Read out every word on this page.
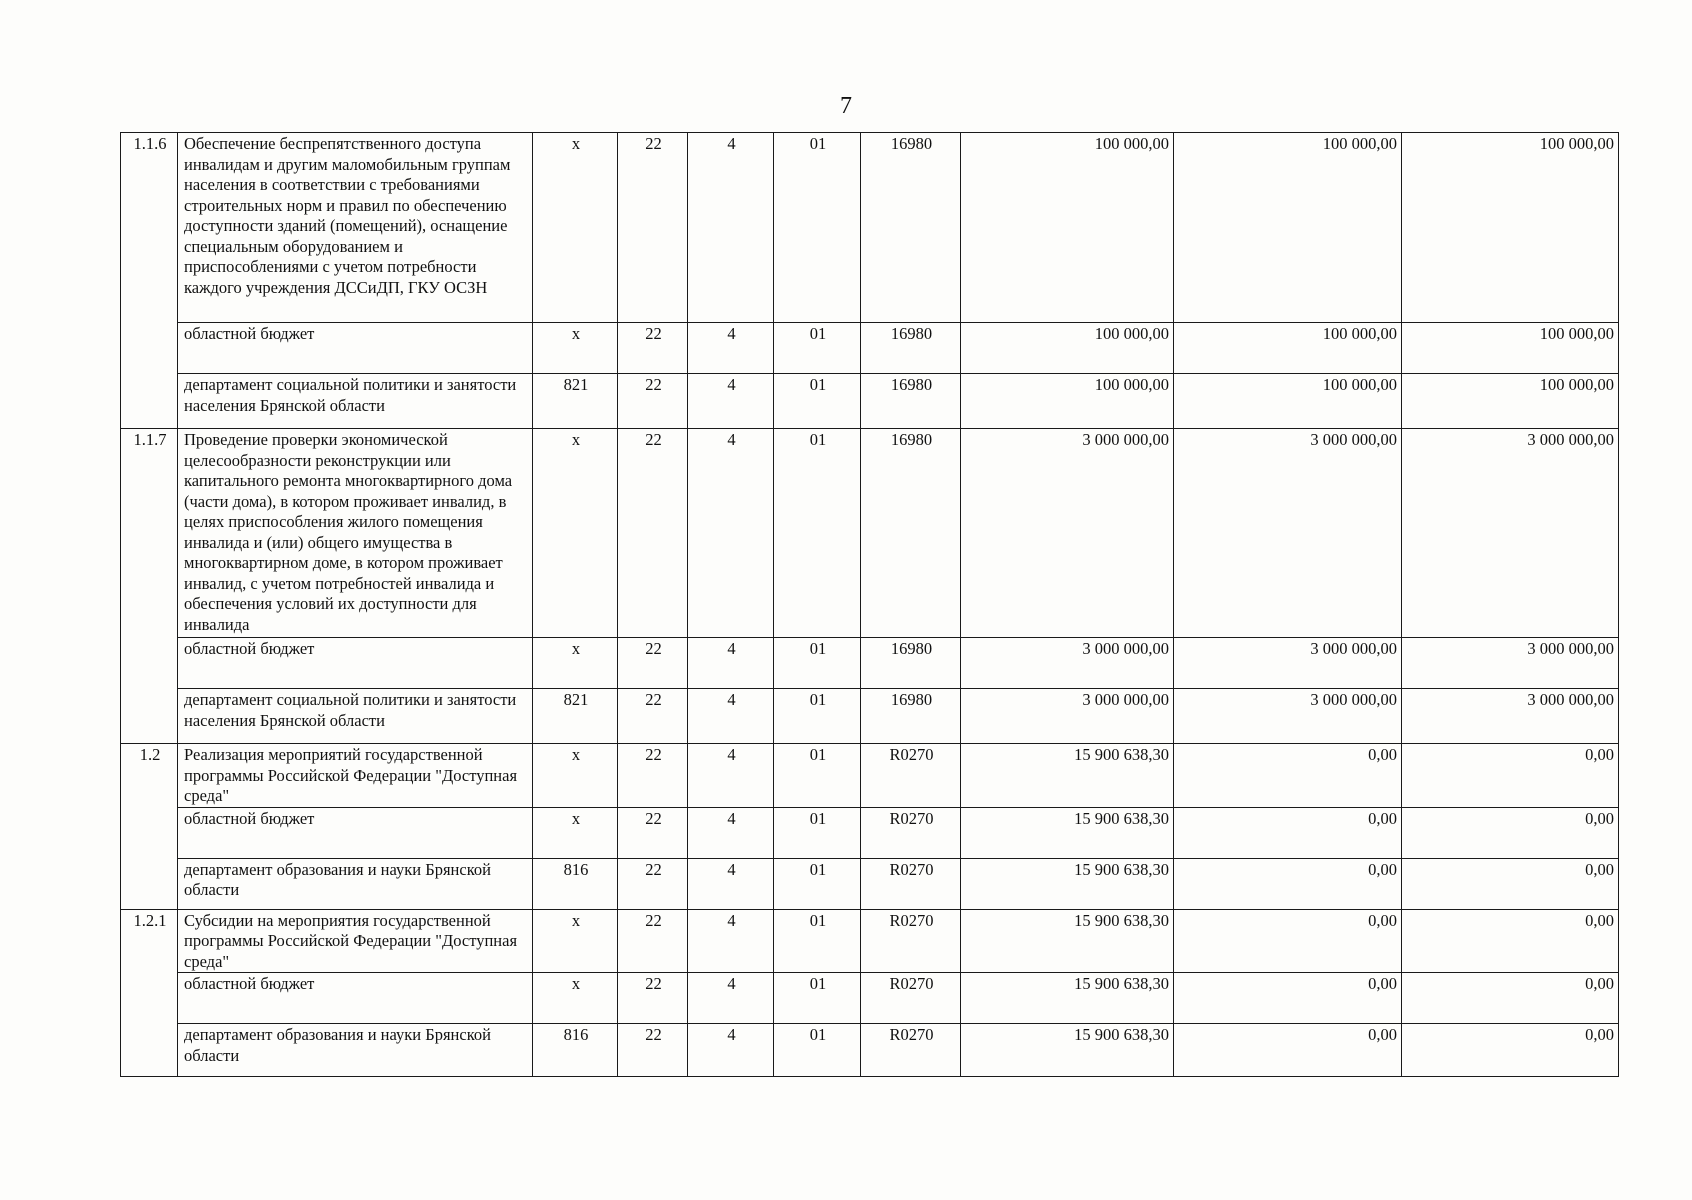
7
1.1.6	Обеспечение беспрепятственного доступа инвалидам и другим маломобильным группам населения в соответствии с требованиями строительных норм и правил по обеспечению доступности зданий (помещений), оснащение специальным оборудованием и приспособлениями с учетом потребности каждого учреждения ДССиДП, ГКУ ОСЗН	х	22	4	01	16980	100 000,00	100 000,00	100 000,00
	областной бюджет	х	22	4	01	16980	100 000,00	100 000,00	100 000,00
	департамент социальной политики и занятости населения Брянской области	821	22	4	01	16980	100 000,00	100 000,00	100 000,00
1.1.7	Проведение проверки экономической целесообразности реконструкции или капитального ремонта многоквартирного дома (части дома), в котором проживает инвалид, в целях приспособления жилого помещения инвалида и (или) общего имущества в многоквартирном доме, в котором проживает инвалид, с учетом потребностей инвалида и обеспечения условий их доступности для инвалида	х	22	4	01	16980	3 000 000,00	3 000 000,00	3 000 000,00
	областной бюджет	х	22	4	01	16980	3 000 000,00	3 000 000,00	3 000 000,00
	департамент социальной политики и занятости населения Брянской области	821	22	4	01	16980	3 000 000,00	3 000 000,00	3 000 000,00
1.2	Реализация мероприятий государственной программы Российской Федерации "Доступная среда"	х	22	4	01	R0270	15 900 638,30	0,00	0,00
	областной бюджет	х	22	4	01	R0270	15 900 638,30	0,00	0,00
	департамент образования и науки Брянской области	816	22	4	01	R0270	15 900 638,30	0,00	0,00
1.2.1	Субсидии на мероприятия государственной программы Российской Федерации "Доступная среда"	х	22	4	01	R0270	15 900 638,30	0,00	0,00
	областной бюджет	х	22	4	01	R0270	15 900 638,30	0,00	0,00
	департамент образования и науки Брянской области	816	22	4	01	R0270	15 900 638,30	0,00	0,00
